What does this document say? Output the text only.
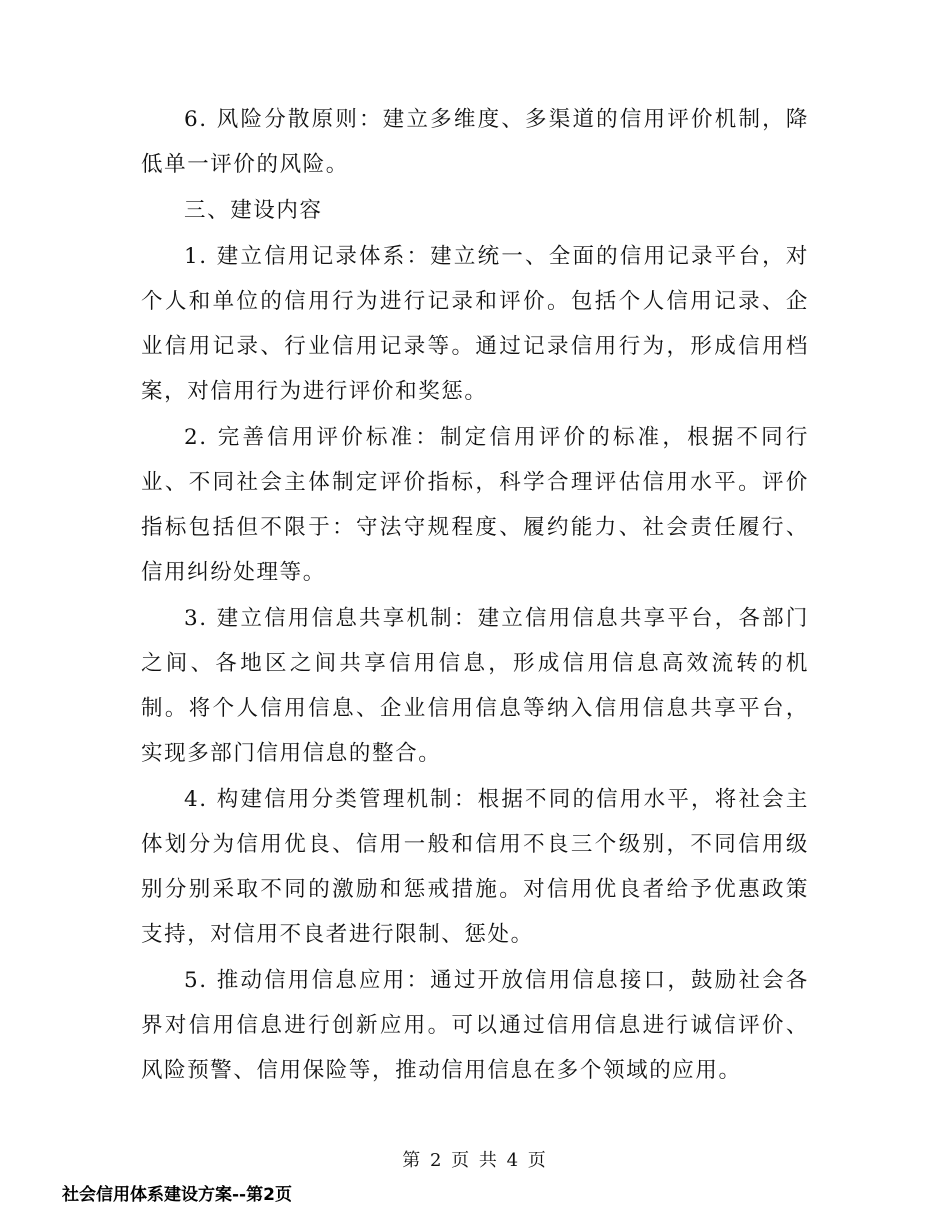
6. 风险分散原则：建立多维度、多渠道的信用评价机制，降低单一评价的风险。

三、建设内容

1. 建立信用记录体系：建立统一、全面的信用记录平台，对个人和单位的信用行为进行记录和评价。包括个人信用记录、企业信用记录、行业信用记录等。通过记录信用行为，形成信用档案，对信用行为进行评价和奖惩。

2. 完善信用评价标准：制定信用评价的标准，根据不同行业、不同社会主体制定评价指标，科学合理评估信用水平。评价指标包括但不限于：守法守规程度、履约能力、社会责任履行、信用纠纷处理等。

3. 建立信用信息共享机制：建立信用信息共享平台，各部门之间、各地区之间共享信用信息，形成信用信息高效流转的机制。将个人信用信息、企业信用信息等纳入信用信息共享平台，实现多部门信用信息的整合。

4. 构建信用分类管理机制：根据不同的信用水平，将社会主体划分为信用优良、信用一般和信用不良三个级别，不同信用级别分别采取不同的激励和惩戒措施。对信用优良者给予优惠政策支持，对信用不良者进行限制、惩处。

5. 推动信用信息应用：通过开放信用信息接口，鼓励社会各界对信用信息进行创新应用。可以通过信用信息进行诚信评价、风险预警、信用保险等，推动信用信息在多个领域的应用。

第 2 页 共 4 页
社会信用体系建设方案--第2页
